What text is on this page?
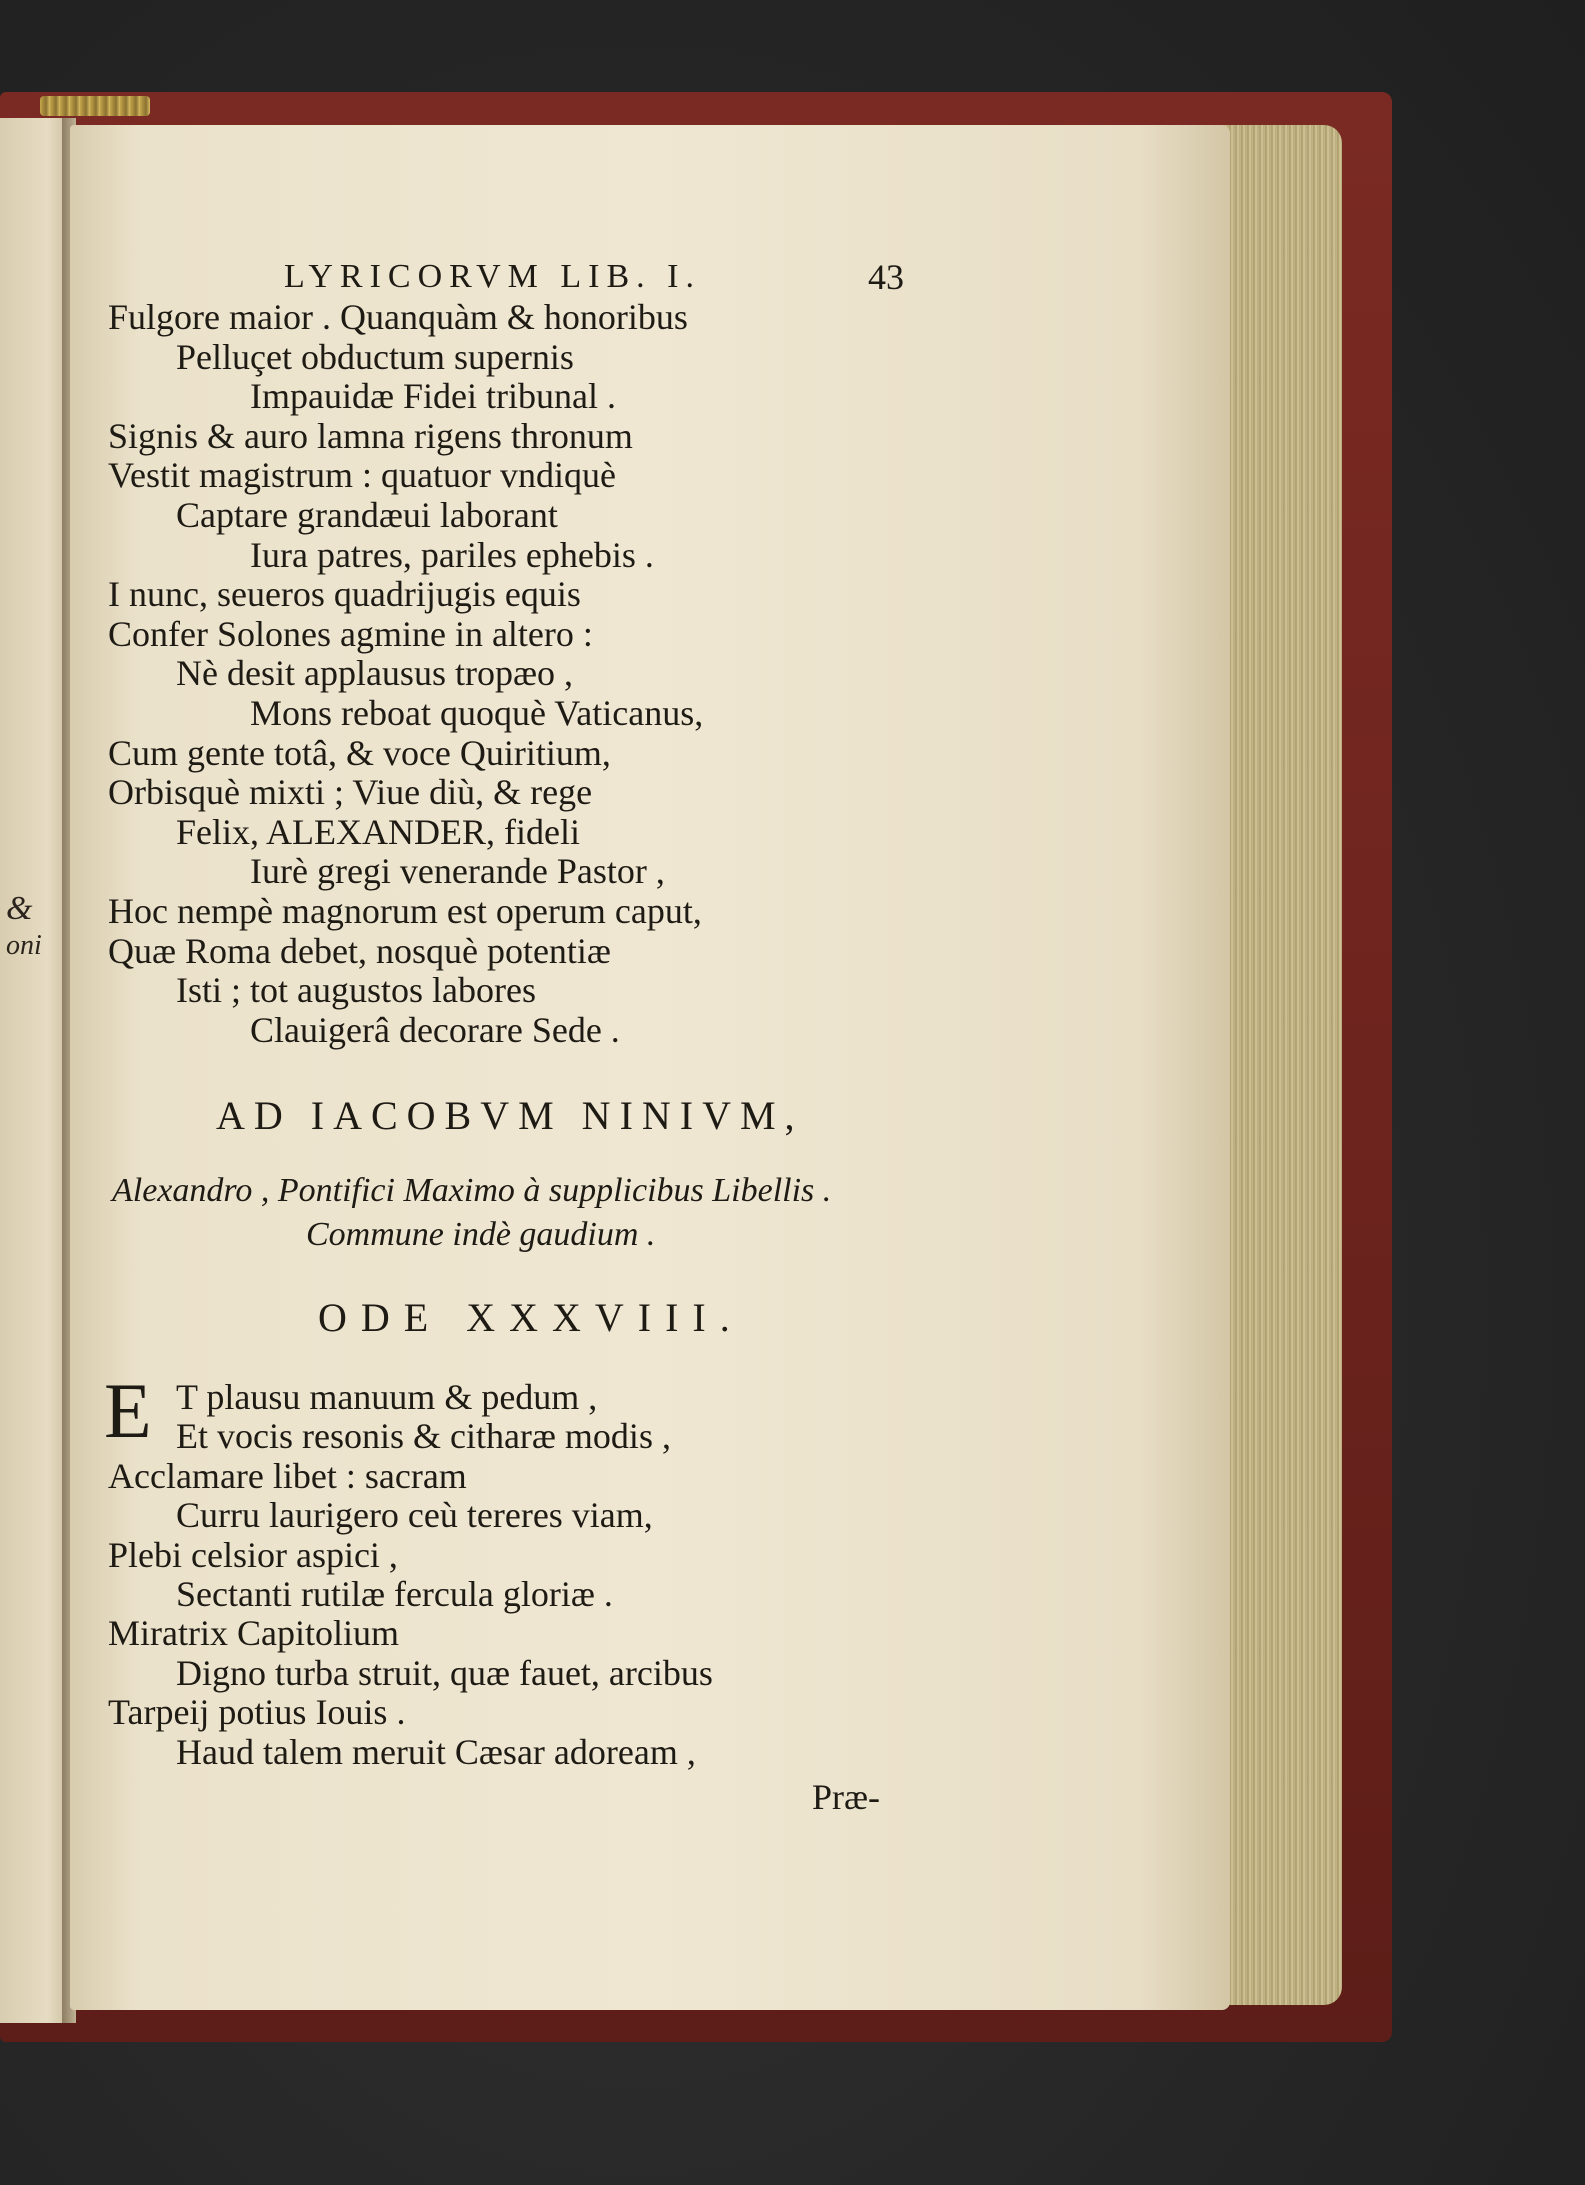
&
oni
LYRICORVM LIB. I.	43
Fulgore maior . Quanquàm & honoribus
Pelluçet obductum supernis
Impauidæ Fidei tribunal .
Signis & auro lamna rigens thronum
Vestit magistrum : quatuor vndiquè
Captare grandæui laborant
Iura patres, pariles ephebis .
I nunc, seueros quadrijugis equis
Confer Solones agmine in altero :
Nè desit applausus tropæo ,
Mons reboat quoquè Vaticanus,
Cum gente totâ, & voce Quiritium,
Orbisquè mixti ; Viue diù, & rege
Felix, ALEXANDER, fideli
Iurè gregi venerande Pastor ,
Hoc nempè magnorum est operum caput,
Quæ Roma debet, nosquè potentiæ
Isti ; tot augustos labores
Clauigerâ decorare Sede .
AD IACOBVM NINIVM,
Alexandro , Pontifici Maximo à supplicibus Libellis .
Commune indè gaudium .
ODE XXXVIII.
E T plausu manuum & pedum ,
Et vocis resonis & citharæ modis ,
Acclamare libet : sacram
Curru laurigero ceù tereres viam,
Plebi celsior aspici ,
Sectanti rutilæ fercula gloriæ .
Miratrix Capitolium
Digno turba struit, quæ fauet, arcibus
Tarpeij potius Iouis .
Haud talem meruit Cæsar adoream ,
Præ-
